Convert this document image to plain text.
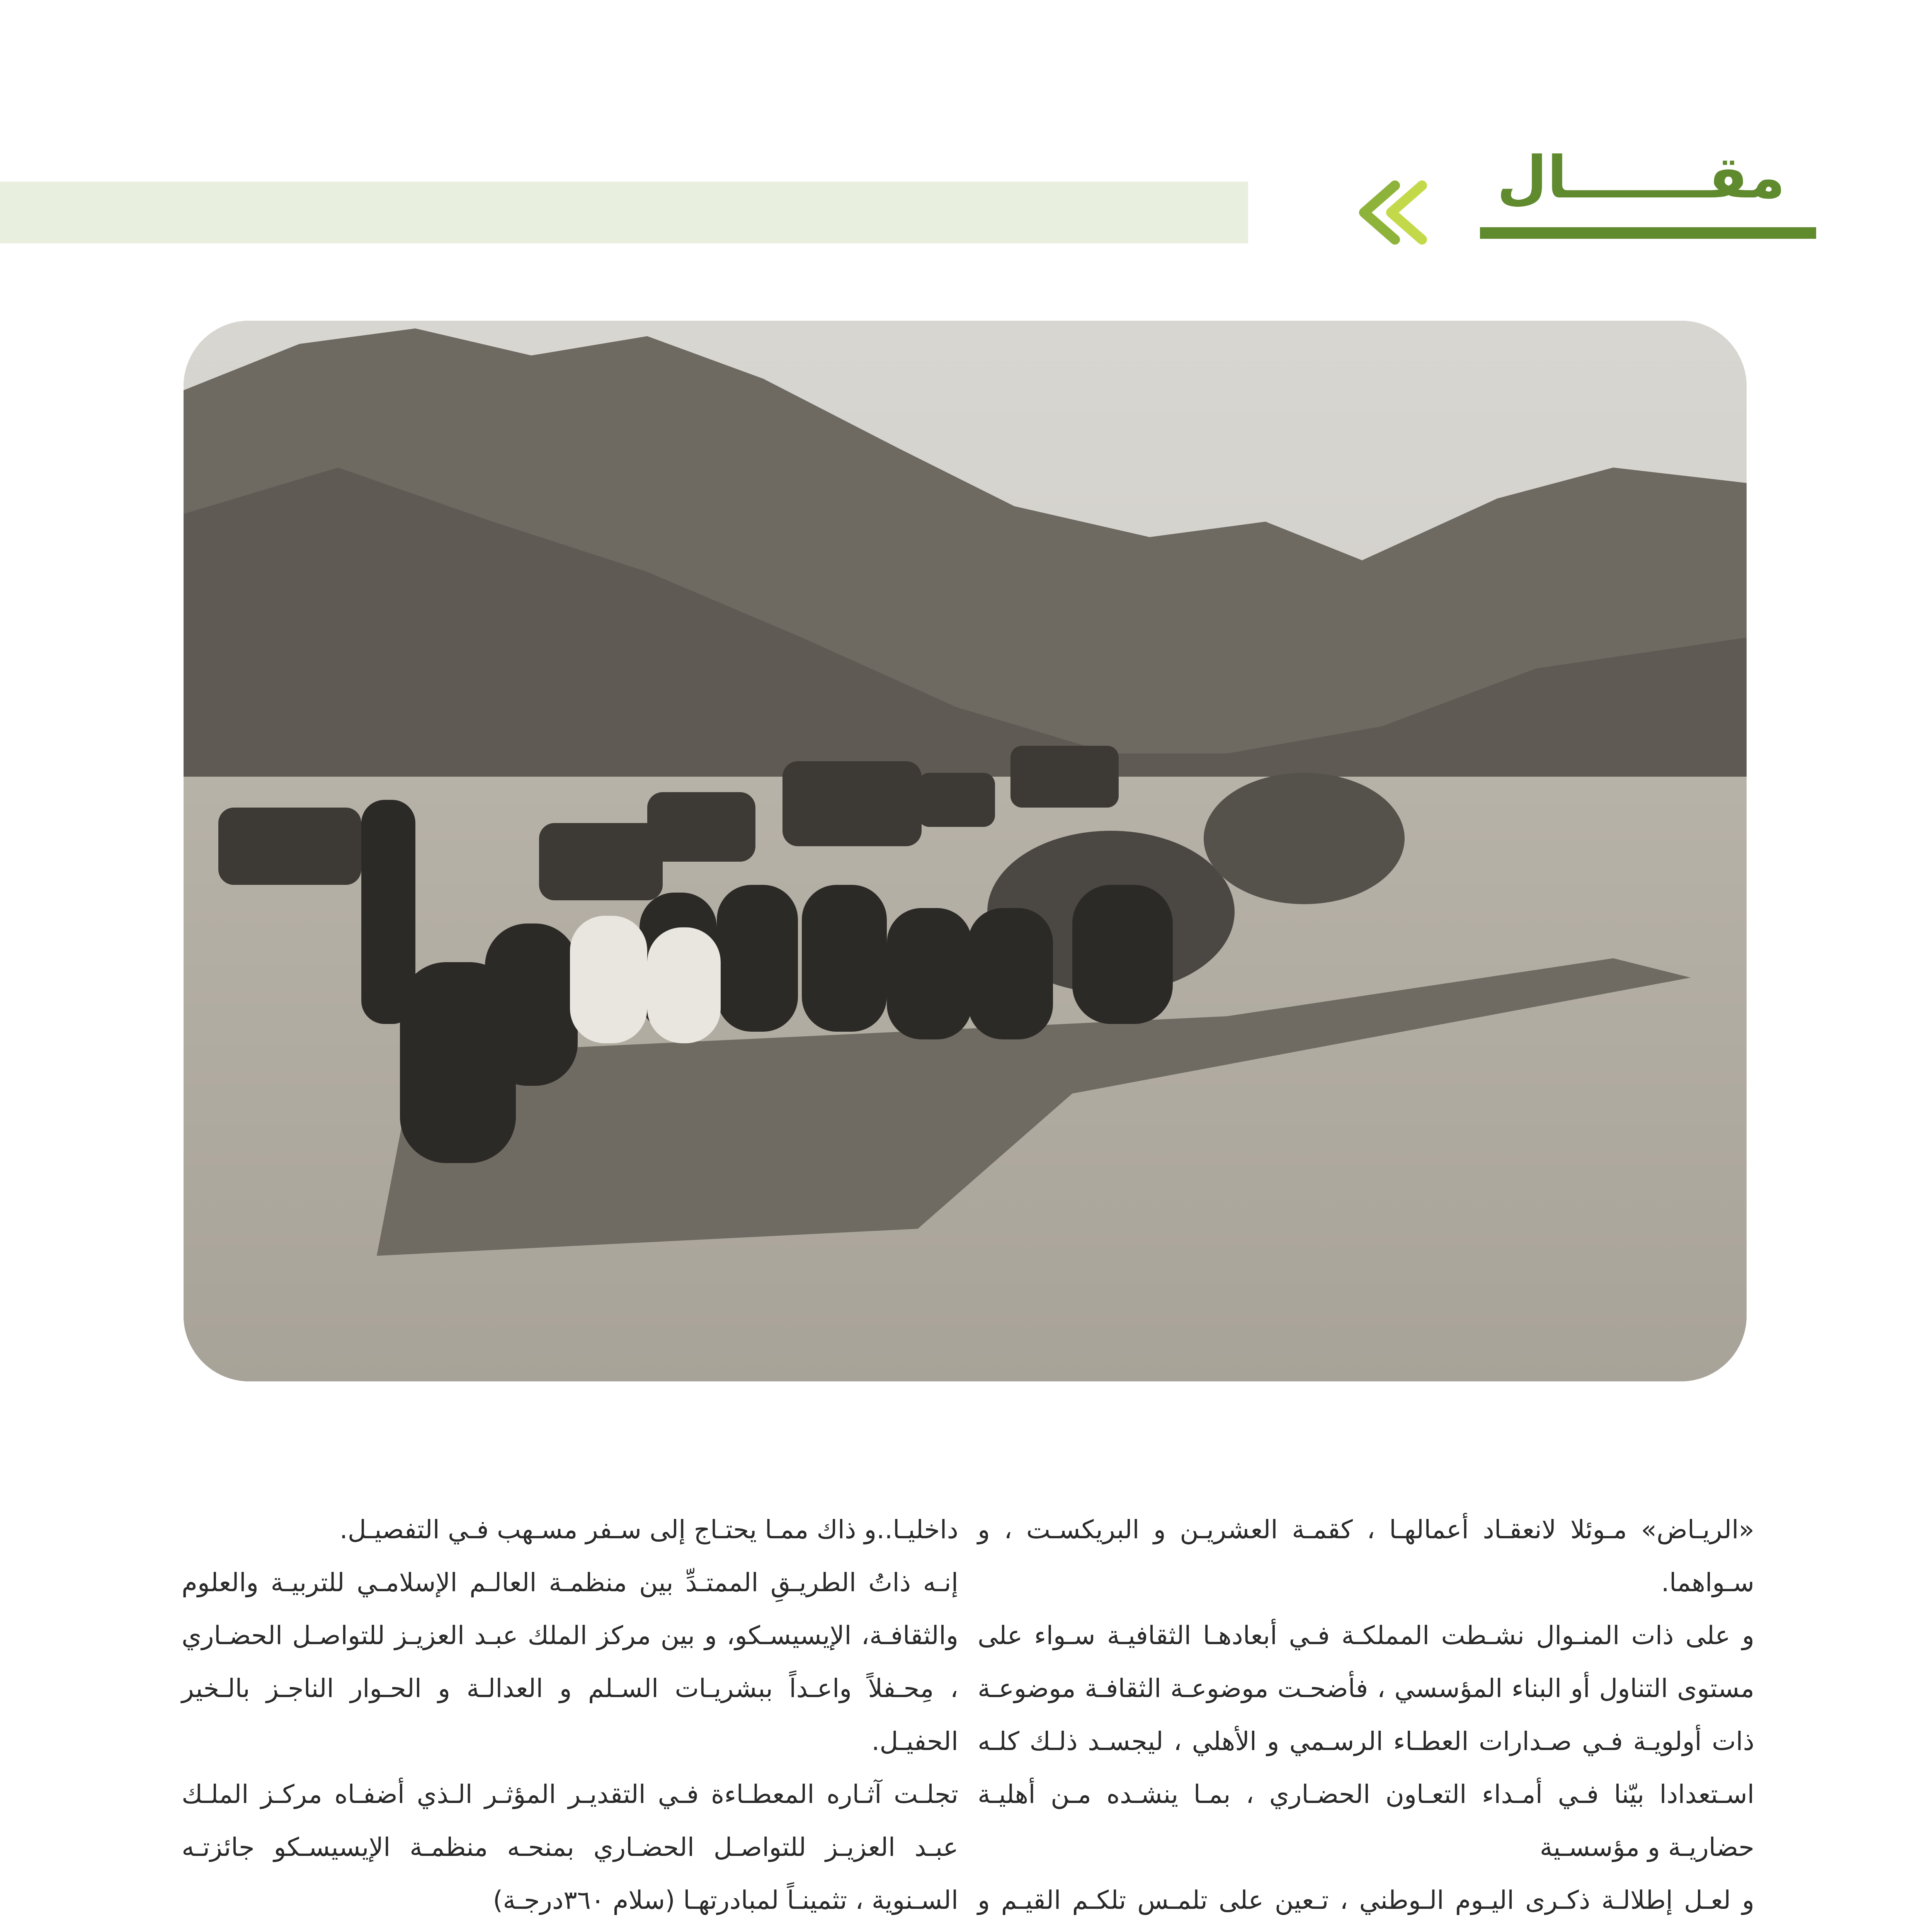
مقـــــــال

«الريـاض» مـوئلا لانعقـاد أعمالهـا ، كقمـة العشريـن و البريكسـت ، و سـواهما.

و على ذات المنـوال نشـطت المملكـة فـي أبعادهـا الثقافيـة سـواء على مستوى التناول أو البناء المؤسسي ، فأضحـت موضوعـة الثقافـة موضوعـة ذات أولويـة فـي صـدارات العطـاء الرسـمي و الأهلي ، ليجسـد ذلـك كلـه اسـتعدادا بيّنا فـي أمـداء التعـاون الحضـاري ، بمـا ينشـده مـن أهليـة حضاريـة و مؤسسـية

و لعـل إطلالـة ذكـرى اليـوم الـوطني ، تـعين على تلمـس تلكـم القيـم و

داخليـا..و ذاك ممـا يحتـاج إلى سـفر مسـهب فـي التفصيـل.

إنـه ذاتُ الطريـقِ الممتـدِّ بين منظمـة العالـم الإسلامـي للتربيـة والعلوم والثقافـة، الإيسيسـكو، و بين مركز الملك عبـد العزيـز للتواصـل الحضـاري ، مِحـفلاً واعـداً ببشريـات السـلم و العدالـة و الحـوار الناجـز بالـخير الحفيـل.

تجلـت آثـاره المعطـاءة فـي التقديـر المؤثـر الـذي أضفـاه مركـز الملـك عبـد العزيـز للتواصـل الحضـاري بمنحـه منظمـة الإيسيسـكو جائزتـه السـنوية ، تثمينـاً لمبادرتهـا (سلام ٣٦٠درجـة)
